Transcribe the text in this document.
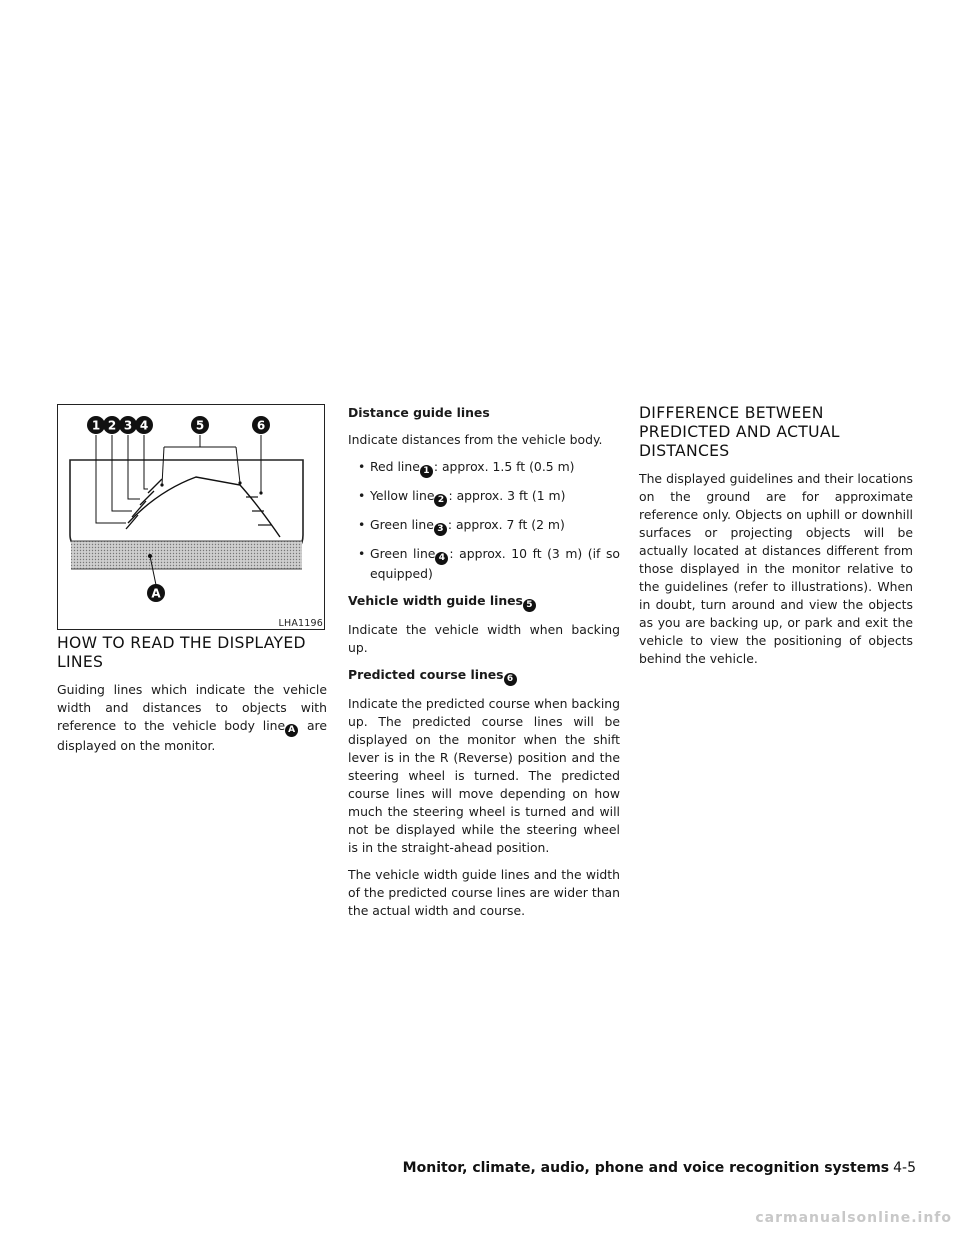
1 2 3 4	5	6
A
LHA1196
HOW TO READ THE DISPLAYED LINES

Guiding lines which indicate the vehicle width and distances to objects with reference to the vehicle body line A are displayed on the monitor.

Distance guide lines

Indicate distances from the vehicle body.

• Red line 1 : approx. 1.5 ft (0.5 m)
• Yellow line 2 : approx. 3 ft (1 m)
• Green line 3 : approx. 7 ft (2 m)
• Green line 4 : approx. 10 ft (3 m) (if so equipped)
Vehicle width guide lines 5

Indicate the vehicle width when backing up.

Predicted course lines 6

Indicate the predicted course when backing up. The predicted course lines will be displayed on the monitor when the shift lever is in the R (Reverse) position and the steering wheel is turned. The predicted course lines will move depending on how much the steering wheel is turned and will not be displayed while the steering wheel is in the straight-ahead position.

The vehicle width guide lines and the width of the predicted course lines are wider than the actual width and course.

DIFFERENCE BETWEEN PREDICTED AND ACTUAL DISTANCES

The displayed guidelines and their locations on the ground are for approximate reference only. Objects on uphill or downhill surfaces or projecting objects will be actually located at distances different from those displayed in the monitor relative to the guidelines (refer to illustrations). When in doubt, turn around and view the objects as you are backing up, or park and exit the vehicle to view the positioning of objects behind the vehicle.

Monitor, climate, audio, phone and voice recognition systems 4-5
carmanualsonline.info
